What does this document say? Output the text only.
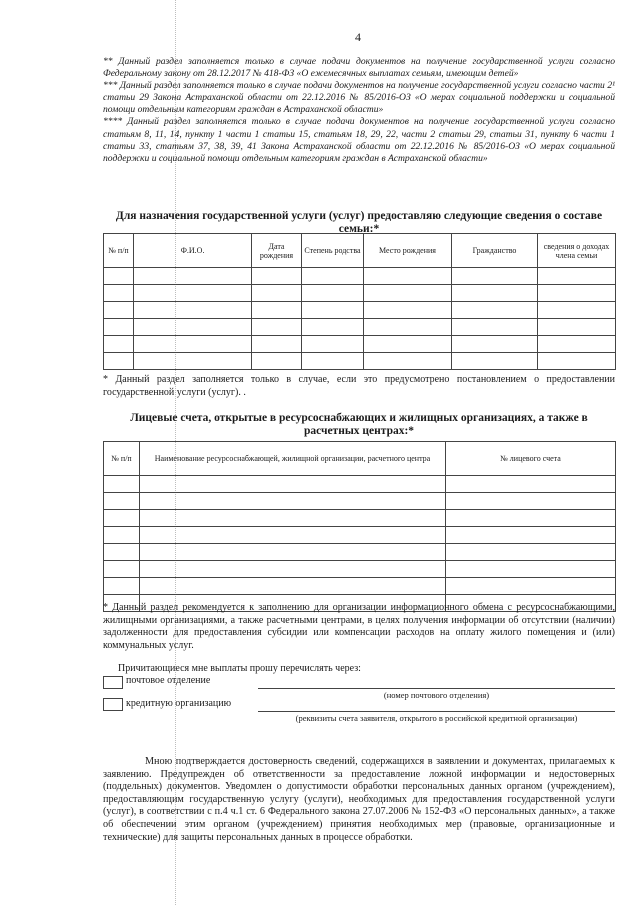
4

** Данный раздел заполняется только в случае подачи документов на получение государственной услуги согласно Федеральному закону от 28.12.2017 № 418-ФЗ «О ежемесячных выплатах семьям, имеющим детей»

*** Данный раздел заполняется только в случае подачи документов на получение государственной услуги согласно части 2¹ статьи 29 Закона Астраханской области от 22.12.2016 № 85/2016-ОЗ «О мерах социальной поддержки и социальной помощи отдельным категориям граждан в Астраханской области»

**** Данный раздел заполняется только в случае подачи документов на получение государственной услуги согласно статьям 8, 11, 14, пункту 1 части 1 статьи 15, статьям 18, 29, 22, части 2 статьи 29, статьи 31, пункту 6 части 1 статьи 33, статьям 37, 38, 39, 41 Закона Астраханской области от 22.12.2016 № 85/2016-ОЗ «О мерах социальной поддержки и социальной помощи отдельным категориям граждан в Астраханской области»

Для назначения государственной услуги (услуг) предоставляю следующие сведения о составе семьи:*
№ п/п	Ф.И.О.	Дата рождения	Степень родства	Место рождения	Гражданство	сведения о доходах члена семьи

* Данный раздел заполняется только в случае, если это предусмотрено постановлением о предоставлении государственной услуги (услуг). .
Лицевые счета, открытые в ресурсоснабжающих и жилищных организациях, а также в расчетных центрах:*
№ п/п	Наименование ресурсоснабжающей, жилищной организации, расчетного центра	№ лицевого счета

* Данный раздел рекомендуется к заполнению для организации информационного обмена с ресурсоснабжающими, жилищными организациями, а также расчетными центрами, в целях получения информации об отсутствии (наличии) задолженности для предоставления субсидии или компенсации расходов на оплату жилого помещения и (или) коммунальных услуг.
Причитающиеся мне выплаты прошу перечислять через:
почтовое отделение
(номер почтового отделения)
кредитную организацию
(реквизиты счета заявителя, открытого в российской кредитной организации)

Мною подтверждается достоверность сведений, содержащихся в заявлении и документах, прилагаемых к заявлению. Предупрежден об ответственности за предоставление ложной информации и недостоверных (поддельных) документов. Уведомлен о допустимости обработки персональных данных органом (учреждением), предоставляющим государственную услугу (услуги), необходимых для предоставления государственной услуги (услуг), в соответствии с п.4 ч.1 ст. 6 Федерального закона 27.07.2006 № 152-ФЗ «О персональных данных», а также об обеспечении этим органом (учреждением) принятия необходимых мер (правовые, организационные и технические) для защиты персональных данных в процессе обработки.
